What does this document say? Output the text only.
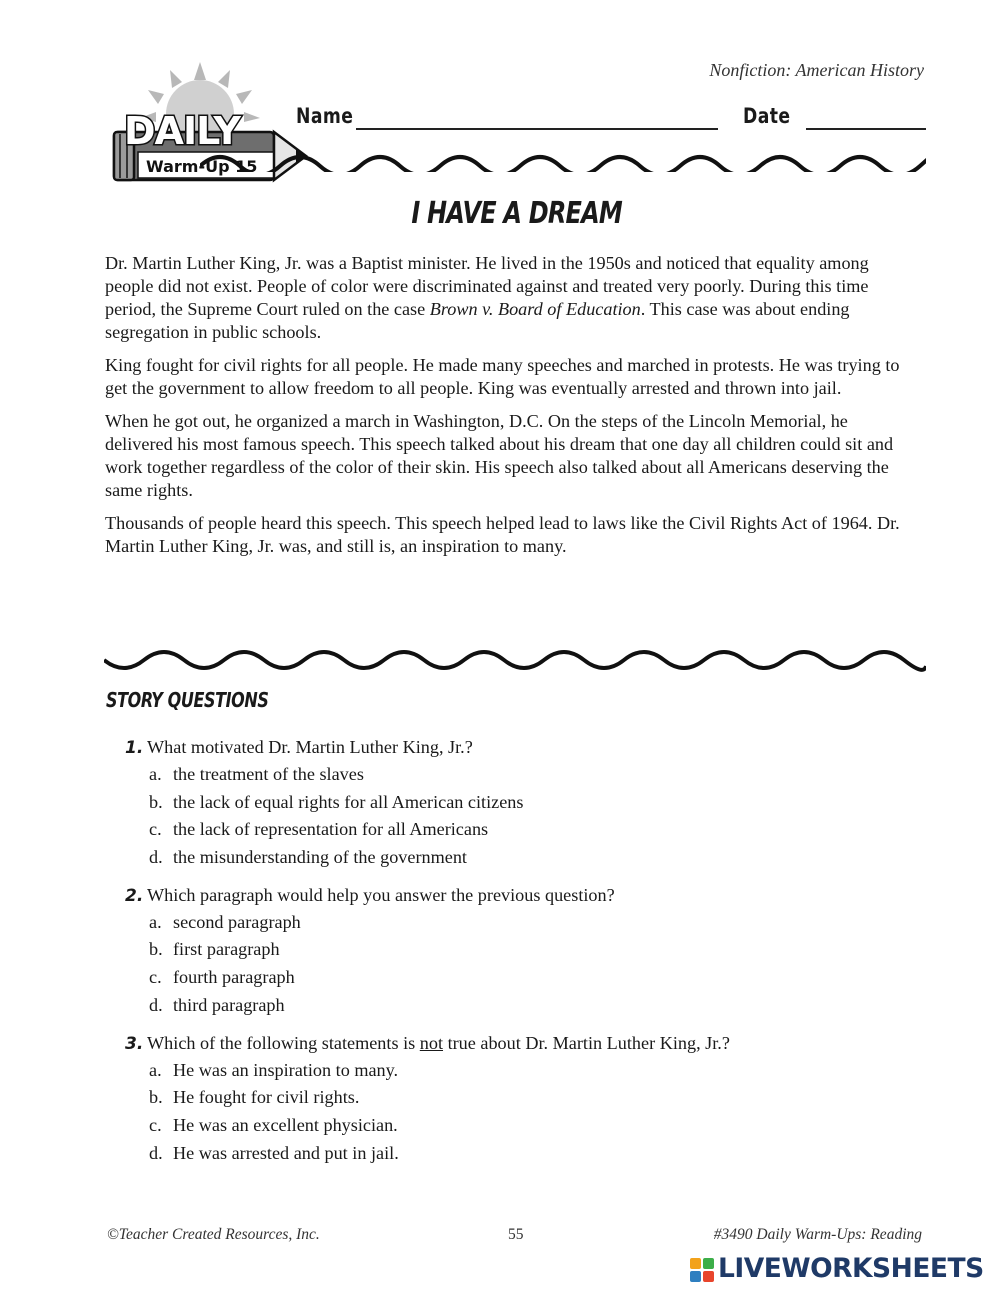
Nonfiction: American History
DAILY
Warm-Up 15
Name	Date
I HAVE A DREAM

Dr. Martin Luther King, Jr. was a Baptist minister. He lived in the 1950s and noticed that equality among people did not exist. People of color were discriminated against and treated very poorly. During this time period, the Supreme Court ruled on the case Brown v. Board of Education. This case was about ending segregation in public schools.

King fought for civil rights for all people. He made many speeches and marched in protests. He was trying to get the government to allow freedom to all people. King was eventually arrested and thrown into jail.

When he got out, he organized a march in Washington, D.C. On the steps of the Lincoln Memorial, he delivered his most famous speech. This speech talked about his dream that one day all children could sit and work together regardless of the color of their skin. His speech also talked about all Americans deserving the same rights.

Thousands of people heard this speech. This speech helped lead to laws like the Civil Rights Act of 1964. Dr. Martin Luther King, Jr. was, and still is, an inspiration to many.

STORY QUESTIONS
1. What motivated Dr. Martin Luther King, Jr.?
a. the treatment of the slaves
b. the lack of equal rights for all American citizens
c. the lack of representation for all Americans
d. the misunderstanding of the government
2. Which paragraph would help you answer the previous question?
a. second paragraph
b. first paragraph
c. fourth paragraph
d. third paragraph
3. Which of the following statements is not true about Dr. Martin Luther King, Jr.?
a. He was an inspiration to many.
b. He fought for civil rights.
c. He was an excellent physician.
d. He was arrested and put in jail.
©Teacher Created Resources, Inc.	55	#3490 Daily Warm-Ups: Reading
LIVEWORKSHEETS
